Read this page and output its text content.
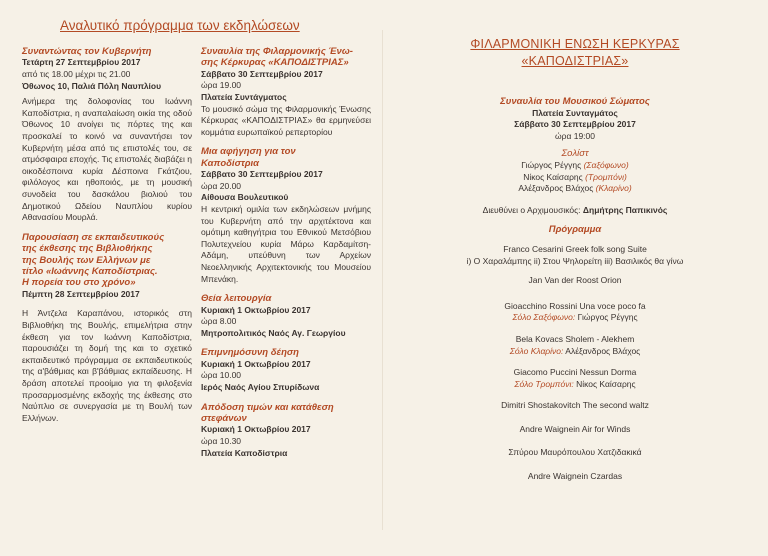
Αναλυτικό πρόγραμμα των εκδηλώσεων
Συναντώντας τον Κυβερνήτη
Τετάρτη 27 Σεπτεμβρίου 2017
από τις 18.00 μέχρι τις 21.00
Όθωνος 10, Παλιά Πόλη Ναυπλίου
Ανήμερα της δολοφονίας του Ιωάννη Καποδίστρια, η αναπαλαίωση οικία της οδού Όθωνος 10 ανοίγει τις πόρτες της και προσκαλεί το κοινό να συναντήσει τον Κυβερνήτη μέσα από τις επιστολές του, σε ατμόσφαιρα εποχής. Τις επιστολές διαβάζει η οικοδέσποινα κυρία Δέσποινα Γκάτζιου, φιλόλογος και ηθοποιός, με τη μουσική συνοδεία του δασκάλου βιολιού του Δημοτικού Ωδείου Ναυπλίου κυρίου Αθανασίου Μουρλά.
Παρουσίαση σε εκπαιδευτικούς
της έκθεσης της Βιβλιοθήκης
της Βουλής των Ελλήνων με
τίτλο «Ιωάννης Καποδίστριας.
Η πορεία του στο χρόνο»
Πέμπτη 28 Σεπτεμβρίου 2017
Η Άντζελα Καραπάνου, ιστορικός στη Βιβλιοθήκη της Βουλής, επιμελήτρια στην έκθεση για τον Ιωάννη Καποδίστρια, παρουσιάζει τη δομή της και το σχετικό εκπαιδευτικό πρόγραμμα σε εκπαιδευτικούς της α'βάθμιας και β'βάθμιας εκπαίδευσης. Η δράση αποτελεί προοίμιο για τη φιλοξενία προσαρμοσμένης εκδοχής της έκθεσης στο Ναύπλιο σε συνεργασία με τη Βουλή των Ελλήνων.
Συναυλία της Φιλαρμονικής Ένω-
σης Κέρκυρας «ΚΑΠΟΔΙΣΤΡΙΑΣ»
Σάββατο 30 Σεπτεμβρίου 2017
ώρα 19.00
Πλατεία Συντάγματος
Το μουσικό σώμα της Φιλαρμονικής Ένωσης Κέρκυρας «ΚΑΠΟΔΙΣΤΡΙΑΣ» θα ερμηνεύσει κομμάτια ευρωπαϊκού ρεπερτορίου
Μια αφήγηση για τον
Καποδίστρια
Σάββατο 30 Σεπτεμβρίου 2017
ώρα 20.00
Αίθουσα Βουλευτικού
Η κεντρική ομιλία των εκδηλώσεων μνήμης του Κυβερνήτη από την αρχιτέκτονα και ομότιμη καθηγήτρια του Εθνικού Μετσόβιου Πολυτεχνείου κυρία Μάρω Καρδαμίτση-Αδάμη, υπεύθυνη των Αρχείων Νεοελληνικής Αρχιτεκτονικής του Μουσείου Μπενάκη.
Θεία λειτουργία
Κυριακή 1 Οκτωβρίου 2017
ώρα 8.00
Μητροπολιτικός Ναός Αγ. Γεωργίου
Επιμνημόσυνη δέηση
Κυριακή 1 Οκτωβρίου 2017
ώρα 10.00
Ιερός Ναός Αγίου Σπυρίδωνα
Απόδοση τιμών και κατάθεση
στεφάνων
Κυριακή 1 Οκτωβρίου 2017
ώρα 10.30
Πλατεία Καποδίστρια
ΦΙΛΑΡΜΟΝΙΚΗ ΕΝΩΣΗ ΚΕΡΚΥΡΑΣ
«ΚΑΠΟΔΙΣΤΡΙΑΣ»
Συναυλία του Μουσικού Σώματος
Πλατεία Συνταγμάτος
Σάββατο 30 Σεπτεμβρίου 2017
ώρα 19:00
Σολίστ
Γιώργος Ρέγγης (Σαξόφωνο)
Νίκος Καίσαρης (Τρομπόνι)
Αλέξανδρος Βλάχος (Κλαρίνο)
Διευθύνει ο Αρχιμουσικός: Δημήτρης Παπικινός
Πρόγραμμα
Franco Cesarini Greek folk song Suite
i) Ο Χαραλάμπης ii) Στου Ψηλορείτη iii) Βασιλικός θα γίνω
Jan Van der Roost Orion
Gioacchino Rossini Una voce poco fa
Σόλο Σαξόφωνο: Γιώργος Ρέγγης
Bela Kovacs Sholem - Alekhem
Σόλο Κλαρίνο: Αλέξανδρος Βλάχος
Giacomo Puccini Nessun Dorma
Σόλο Τρομπόνι: Νίκος Καίσαρης
Dimitri Shostakovitch The second waltz
Andre Waignein Air for Winds
Σπύρου Μαυρόπουλου Χατζιδακικά
Andre Waignein Czardas
